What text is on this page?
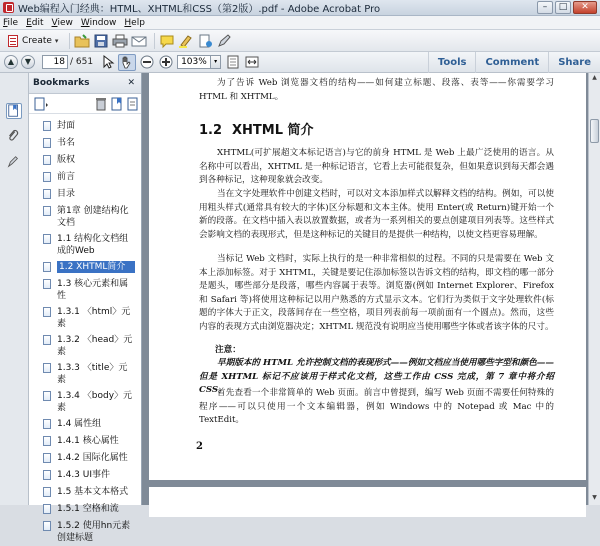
Web编程入门经典：HTML、XHTML和CSS（第2版）.pdf - Adobe Acrobat Pro	–	□	✕
File Edit View Window Help
Create ▾
▲	▼	18 / 651	103%	▾	Tools	Comment	Share
Bookmarks	✕
封面
书名
版权
前言
目录
第1章 创建结构化文档
1.1 结构化文档组成的Web
1.2 XHTML简介
1.3 核心元素和属性
1.3.1 〈html〉元素
1.3.2 〈head〉元素
1.3.3 〈title〉元素
1.3.4 〈body〉元素
1.4 属性组
1.4.1 核心属性
1.4.2 国际化属性
1.4.3 UI事件
1.5 基本文本格式
1.5.1 空格和流
1.5.2 使用hn元素创建标题
为了告诉 Web 浏览器文档的结构——如何建立标题、段落、表等——你需要学习 HTML 和 XHTML。
1.2 XHTML 简介
XHTML(可扩展超文本标记语言)与它的前身 HTML 是 Web 上最广泛使用的语言。从名称中可以看出，XHTML 是一种标记语言，它看上去可能很复杂，但如果意识到每天都会遇到各种标记，这种现象就会改变。
当在文字处理软件中创建文档时，可以对文本添加样式以解释文档的结构。例如，可以使用粗头样式(通常具有较大的字体)区分标题和文本主体。使用 Enter(或 Return)键开始一个新的段落。在文档中插入表以放置数据，或者为一系列相关的要点创建项目列表等。这些样式会影响文档的表现形式，但是这种标记的关键目的是提供一种结构，以使文档更容易理解。
当标记 Web 文档时，实际上执行的是一种非常相似的过程。不同的只是需要在 Web 文本上添加标签。对于 XHTML，关键是要记住添加标签以告诉文档的结构，即文档的哪一部分是题头，哪些部分是段落，哪些内容属于表等。浏览器(例如 Internet Explorer、Firefox 和 Safari 等)将使用这种标记以用户熟悉的方式显示文本。它们行为类似于文字处理软件(标题的字体大于正文，段落间存在一些空格，项目列表前每一项前面有一个圆点)。然而，这些内容的表现方式由浏览器决定；XHTML 规范没有说明应当使用哪些字体或者该字体的尺寸。
注意：
早期版本的 HTML 允许控制文档的表现形式——例如文档应当使用哪些字型和颜色——但是 XHTML 标记不应该用于样式化文档，这些工作由 CSS 完成，第 7 章中将介绍 CSS。
首先查看一个非常简单的 Web 页面。前言中曾提到，编写 Web 页面不需要任何特殊的程序——可以只使用一个文本编辑器，例如 Windows 中的 Notepad 或 Mac 中的 TextEdit。
2
▲
▼
